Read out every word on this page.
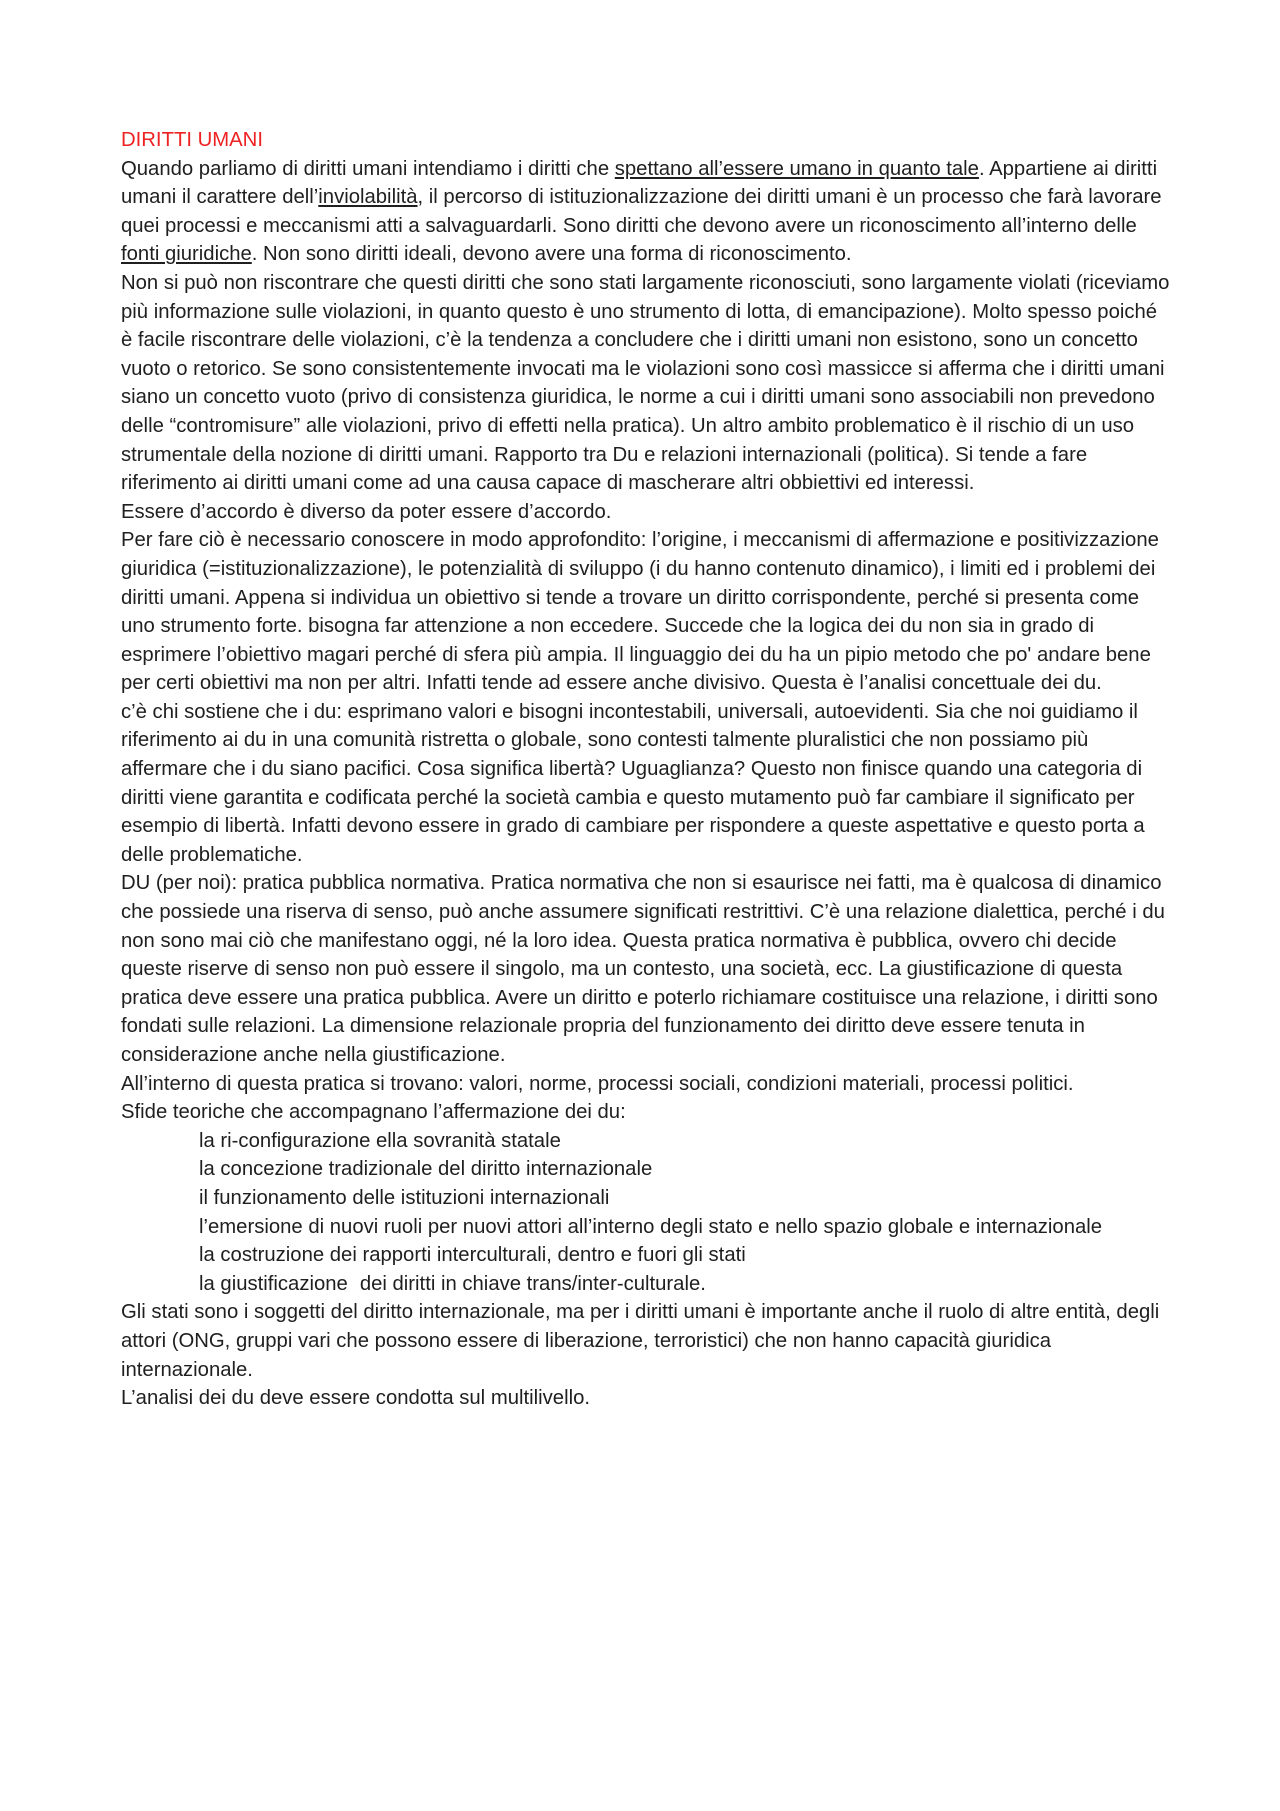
DIRITTI UMANI

Quando parliamo di diritti umani intendiamo i diritti che spettano all’essere umano in quanto tale. Appartiene ai diritti umani il carattere dell’inviolabilità, il percorso di istituzionalizzazione dei diritti umani è un processo che farà lavorare quei processi e meccanismi atti a salvaguardarli. Sono diritti che devono avere un riconoscimento all’interno delle fonti giuridiche. Non sono diritti ideali, devono avere una forma di riconoscimento.

Non si può non riscontrare che questi diritti che sono stati largamente riconosciuti, sono largamente violati (riceviamo più informazione sulle violazioni, in quanto questo è uno strumento di lotta, di emancipazione). Molto spesso poiché è facile riscontrare delle violazioni, c’è la tendenza a concludere che i diritti umani non esistono, sono un concetto vuoto o retorico. Se sono consistentemente invocati ma le violazioni sono così massicce si afferma che i diritti umani siano un concetto vuoto (privo di consistenza giuridica, le norme a cui i diritti umani sono associabili non prevedono delle “contromisure” alle violazioni, privo di effetti nella pratica). Un altro ambito problematico è il rischio di un uso strumentale della nozione di diritti umani. Rapporto tra Du e relazioni internazionali (politica). Si tende a fare riferimento ai diritti umani come ad una causa capace di mascherare altri obbiettivi ed interessi.

Essere d’accordo è diverso da poter essere d’accordo.

Per fare ciò è necessario conoscere in modo approfondito: l’origine, i meccanismi di affermazione e positivizzazione giuridica (=istituzionalizzazione), le potenzialità di sviluppo (i du hanno contenuto dinamico), i limiti ed i problemi dei diritti umani. Appena si individua un obiettivo si tende a trovare un diritto corrispondente, perché si presenta come uno strumento forte. bisogna far attenzione a non eccedere. Succede che la logica dei du non sia in grado di esprimere l’obiettivo magari perché di sfera più ampia. Il linguaggio dei du ha un pipio metodo che po' andare bene per certi obiettivi ma non per altri. Infatti tende ad essere anche divisivo. Questa è l’analisi concettuale dei du.

c’è chi sostiene che i du: esprimano valori e bisogni incontestabili, universali, autoevidenti. Sia che noi guidiamo il riferimento ai du in una comunità ristretta o globale, sono contesti talmente pluralistici che non possiamo più affermare che i du siano pacifici. Cosa significa libertà? Uguaglianza? Questo non finisce quando una categoria di diritti viene garantita e codificata perché la società cambia e questo mutamento può far cambiare il significato per esempio di libertà. Infatti devono essere in grado di cambiare per rispondere a queste aspettative e questo porta a delle problematiche.

DU (per noi): pratica pubblica normativa. Pratica normativa che non si esaurisce nei fatti, ma è qualcosa di dinamico che possiede una riserva di senso, può anche assumere significati restrittivi. C’è una relazione dialettica, perché i du non sono mai ciò che manifestano oggi, né la loro idea. Questa pratica normativa è pubblica, ovvero chi decide queste riserve di senso non può essere il singolo, ma un contesto, una società, ecc. La giustificazione di questa pratica deve essere una pratica pubblica. Avere un diritto e poterlo richiamare costituisce una relazione, i diritti sono fondati sulle relazioni. La dimensione relazionale propria del funzionamento dei diritto deve essere tenuta in considerazione anche nella giustificazione.

All’interno di questa pratica si trovano: valori, norme, processi sociali, condizioni materiali, processi politici.

Sfide teoriche che accompagnano l’affermazione dei du:

la ri-configurazione ella sovranità statale

la concezione tradizionale del diritto internazionale

il funzionamento delle istituzioni internazionali

l’emersione di nuovi ruoli per nuovi attori all’interno degli stato e nello spazio globale e internazionale

la costruzione dei rapporti interculturali, dentro e fuori gli stati

la giustificazione dei diritti in chiave trans/inter-culturale.

Gli stati sono i soggetti del diritto internazionale, ma per i diritti umani è importante anche il ruolo di altre entità, degli attori (ONG, gruppi vari che possono essere di liberazione, terroristici) che non hanno capacità giuridica internazionale.

L’analisi dei du deve essere condotta sul multilivello.
